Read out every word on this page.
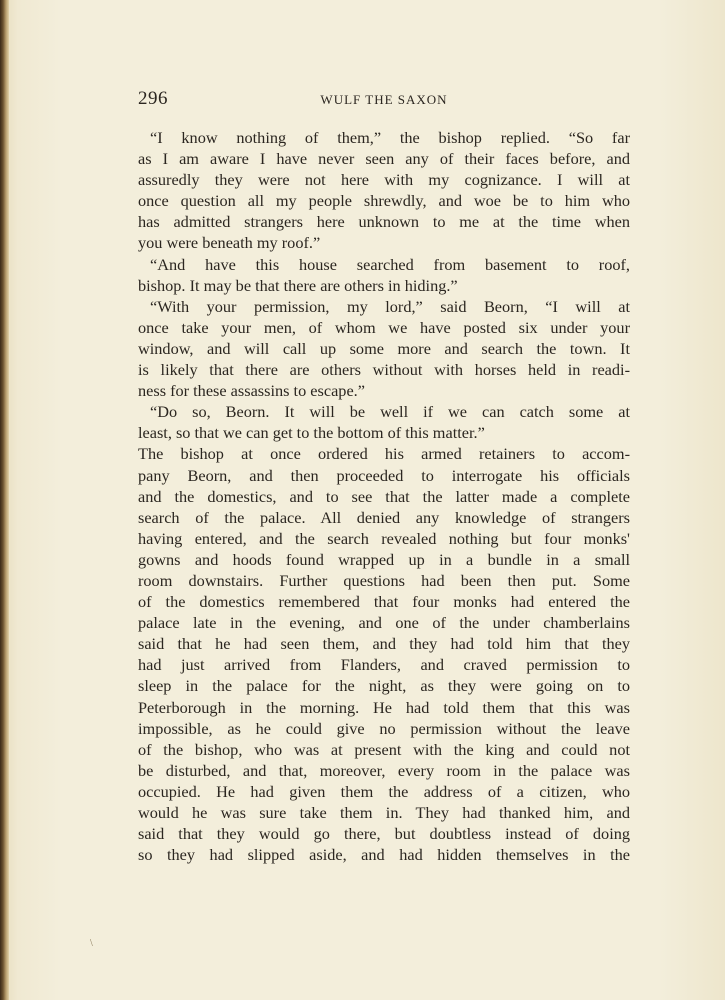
296	WULF THE SAXON
“I know nothing of them,” the bishop replied. “So far
as I am aware I have never seen any of their faces before, and
assuredly they were not here with my cognizance. I will at
once question all my people shrewdly, and woe be to him who
has admitted strangers here unknown to me at the time when
you were beneath my roof.”
“And have this house searched from basement to roof,
bishop. It may be that there are others in hiding.”
“With your permission, my lord,” said Beorn, “I will at
once take your men, of whom we have posted six under your
window, and will call up some more and search the town. It
is likely that there are others without with horses held in readi-
ness for these assassins to escape.”
“Do so, Beorn. It will be well if we can catch some at
least, so that we can get to the bottom of this matter.”
The bishop at once ordered his armed retainers to accom-
pany Beorn, and then proceeded to interrogate his officials
and the domestics, and to see that the latter made a complete
search of the palace. All denied any knowledge of strangers
having entered, and the search revealed nothing but four monks'
gowns and hoods found wrapped up in a bundle in a small
room downstairs. Further questions had been then put. Some
of the domestics remembered that four monks had entered the
palace late in the evening, and one of the under chamberlains
said that he had seen them, and they had told him that they
had just arrived from Flanders, and craved permission to
sleep in the palace for the night, as they were going on to
Peterborough in the morning. He had told them that this was
impossible, as he could give no permission without the leave
of the bishop, who was at present with the king and could not
be disturbed, and that, moreover, every room in the palace was
occupied. He had given them the address of a citizen, who
would he was sure take them in. They had thanked him, and
said that they would go there, but doubtless instead of doing
so they had slipped aside, and had hidden themselves in the
\
